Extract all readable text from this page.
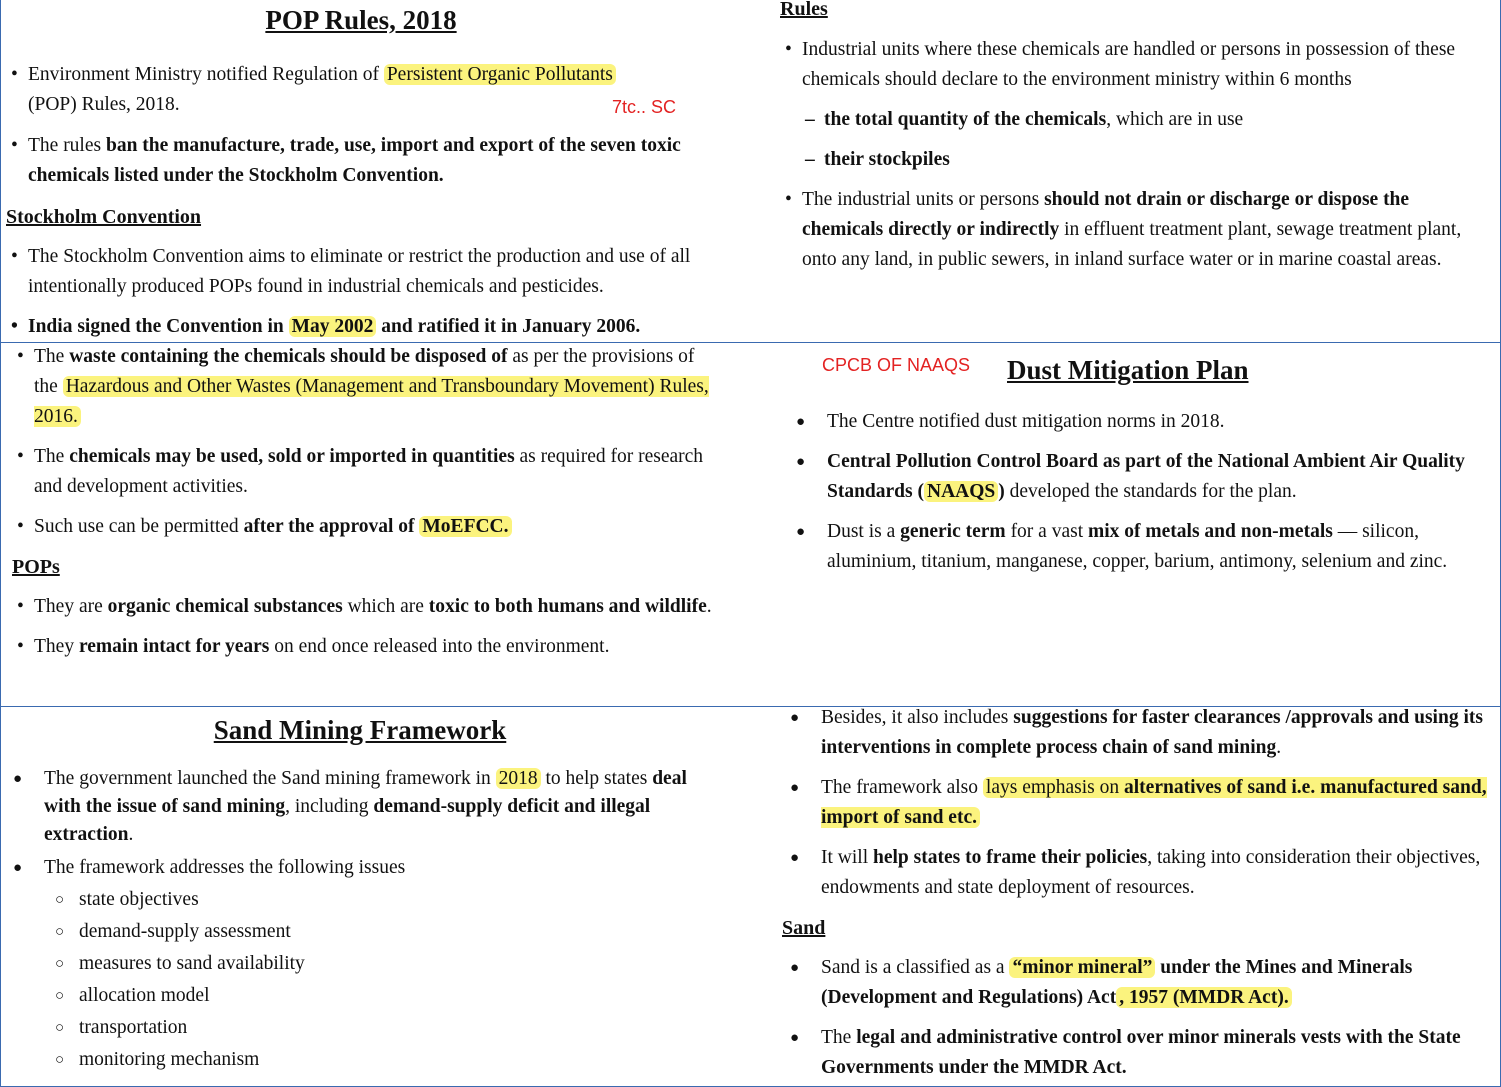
POP Rules, 2018
• Environment Ministry notified Regulation of Persistent Organic Pollutants
(POP) Rules, 2018.
• The rules ban the manufacture, trade, use, import and export of the seven toxic chemicals listed under the Stockholm Convention.
Stockholm Convention
• The Stockholm Convention aims to eliminate or restrict the production and use of all intentionally produced POPs found in industrial chemicals and pesticides.
• India signed the Convention in May 2002 and ratified it in January 2006.
7tc.. SC
Rules
• Industrial units where these chemicals are handled or persons in possession of these chemicals should declare to the environment ministry within 6 months
– the total quantity of the chemicals, which are in use
– their stockpiles
• The industrial units or persons should not drain or discharge or dispose the chemicals directly or indirectly in effluent treatment plant, sewage treatment plant, onto any land, in public sewers, in inland surface water or in marine coastal areas.
• The waste containing the chemicals should be disposed of as per the provisions of the Hazardous and Other Wastes (Management and Transboundary Movement) Rules, 2016.
• The chemicals may be used, sold or imported in quantities as required for research and development activities.
• Such use can be permitted after the approval of MoEFCC.
POPs
• They are organic chemical substances which are toxic to both humans and wildlife.
• They remain intact for years on end once released into the environment.
CPCB OF NAAQS	Dust Mitigation Plan
● The Centre notified dust mitigation norms in 2018.
● Central Pollution Control Board as part of the National Ambient Air Quality Standards ( NAAQS ) developed the standards for the plan.
● Dust is a generic term for a vast mix of metals and non-metals — silicon, aluminium, titanium, manganese, copper, barium, antimony, selenium and zinc.
Sand Mining Framework
● The government launched the Sand mining framework in 2018 to help states deal with the issue of sand mining, including demand-supply deficit and illegal extraction.
● The framework addresses the following issues
○ state objectives
○ demand-supply assessment
○ measures to sand availability
○ allocation model
○ transportation
○ monitoring mechanism
● Besides, it also includes suggestions for faster clearances /approvals and using its interventions in complete process chain of sand mining.
● The framework also lays emphasis on alternatives of sand i.e. manufactured sand, import of sand etc.
● It will help states to frame their policies, taking into consideration their objectives, endowments and state deployment of resources.
Sand
● Sand is a classified as a “minor mineral” under the Mines and Minerals (Development and Regulations) Act , 1957 (MMDR Act).
● The legal and administrative control over minor minerals vests with the State Governments under the MMDR Act.
